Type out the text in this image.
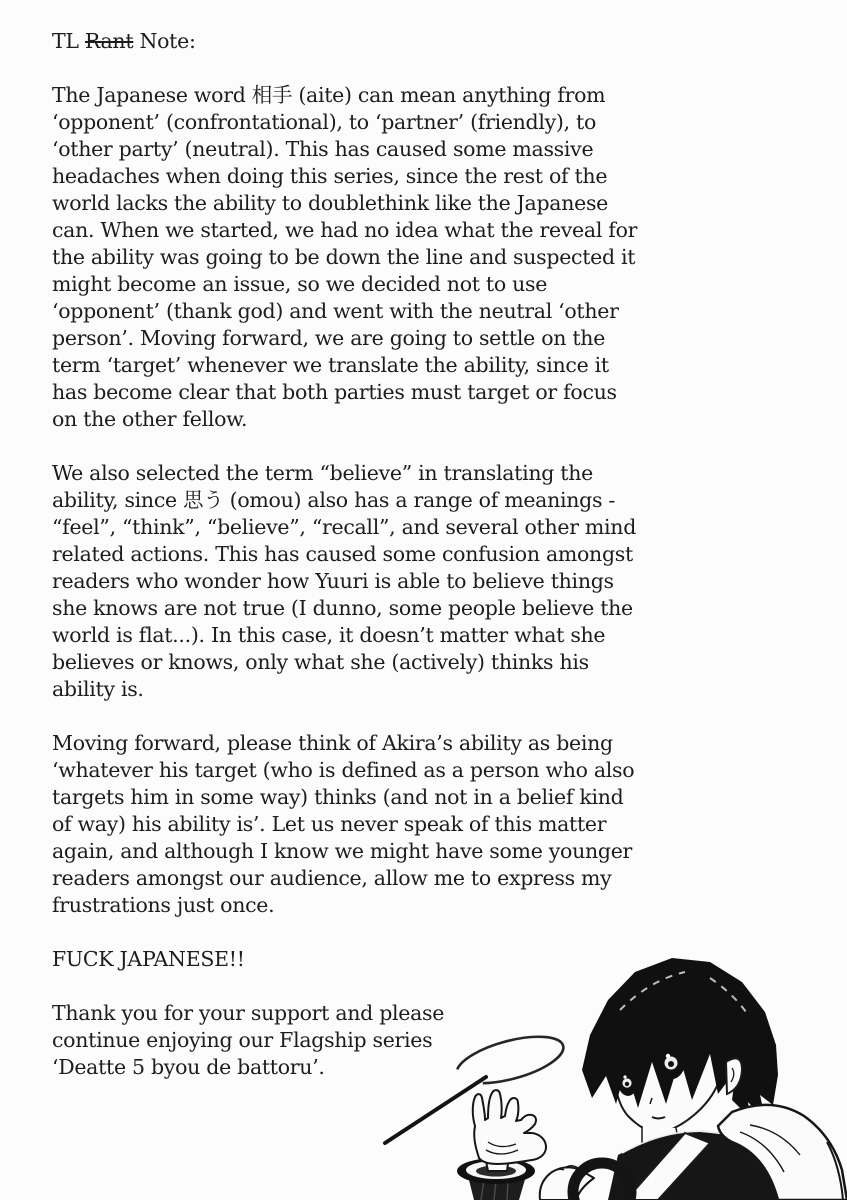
TL Rant Note:
The Japanese word 相手 (aite) can mean anything from
‘opponent’ (confrontational), to ‘partner’ (friendly), to
‘other party’ (neutral). This has caused some massive
headaches when doing this series, since the rest of the
world lacks the ability to doublethink like the Japanese
can. When we started, we had no idea what the reveal for
the ability was going to be down the line and suspected it
might become an issue, so we decided not to use
‘opponent’ (thank god) and went with the neutral ‘other
person’. Moving forward, we are going to settle on the
term ‘target’ whenever we translate the ability, since it
has become clear that both parties must target or focus
on the other fellow.
We also selected the term “believe” in translating the
ability, since 思う (omou) also has a range of meanings -
“feel”, “think”, “believe”, “recall”, and several other mind
related actions. This has caused some confusion amongst
readers who wonder how Yuuri is able to believe things
she knows are not true (I dunno, some people believe the
world is flat...). In this case, it doesn’t matter what she
believes or knows, only what she (actively) thinks his
ability is.
Moving forward, please think of Akira’s ability as being
‘whatever his target (who is defined as a person who also
targets him in some way) thinks (and not in a belief kind
of way) his ability is’. Let us never speak of this matter
again, and although I know we might have some younger
readers amongst our audience, allow me to express my
frustrations just once.
FUCK JAPANESE!!
Thank you for your support and please
continue enjoying our Flagship series
‘Deatte 5 byou de battoru’.
